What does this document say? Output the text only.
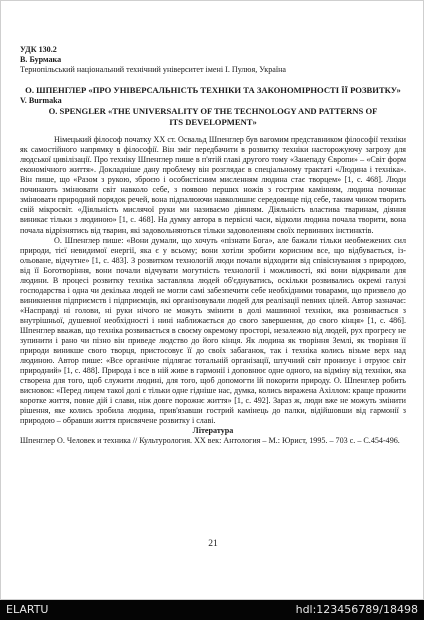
УДК 130.2

В. Бурмака

Тернопільський національний технічний університет імені І. Пулюя, Україна

О. ШПЕНГЛЕР «ПРО УНІВЕРСАЛЬНІСТЬ ТЕХНІКИ ТА ЗАКОНОМІРНОСТІ ЇЇ РОЗВИТКУ»

V. Burmaka

O. SPENGLER «THE UNIVERSALITY OF THE TECHNOLOGY AND PATTERNS OF ITS DEVELOPMENT»

Німецький філософ початку ХХ ст. Освальд Шпенглер був вагомим представником філософії техніки як самостійного напрямку в філософії. Він зміг передбачити в розвитку техніки насторожуючу загрозу для людської цивілізації. Про техніку Шпенглер пише в п'ятій главі другого тому «Занепаду Європи» – «Світ форм економічного життя». Докладніше дану проблему він розглядає в спеціальному трактаті «Людина і техніка». Він пише, що «Разом з рукою, зброєю і особистісним мисленням людина стає творцем» [1, с. 468]. Люди починають змінювати світ навколо себе, з появою перших ножів з гострим камінням, людина починає змінювати природний порядок речей, вона підпалюючи навколишнє середовище під себе, таким чином творить свій мікросвіт. «Діяльність мислячої руки ми називаємо діянням. Діяльність властива тваринам, діяння виникає тільки з людиною» [1, с. 468]. На думку автора в первісні часи, відколи людина почала творити, вона почала відрізнятись від тварин, які задовольняються тільки задоволенням своїх первинних інстинктів.

О. Шпенглер пише: «Вони думали, що хочуть «пізнати Бога», але бажали тільки необмежених сил природи, тієї невидимої енергії, яка є у всьому; вони хотіли зробити корисним все, що відбувається, із-ольоване, відчутне» [1, с. 483]. З розвитком технологій люди почали відходити від співіснування з природою, від її Боготворіння, вони почали відчувати могутність технології і можливості, які вони відкривали для людини. В процесі розвитку техніка заставляла людей об'єднуватись, оскільки розвивались окремі галузі господарства і одна чи декілька людей не могли самі забезпечити себе необхідними товарами, що призвело до виникнення підприємств і підприємців, які організовували людей для реалізації певних цілей. Автор зазначає: «Насправді ні голови, ні руки нічого не можуть змінити в долі машинної техніки, яка розвивається з внутрішньої, душевної необхідності і нині наближається до свого завершення, до свого кінця» [1, с. 486]. Шпенглер вважав, що техніка розвивається в своєму окремому просторі, незалежно від людей, рух прогресу не зупинити і рано чи пізно він приведе людство до його кінця. Як людина як творіння Землі, як творіння її природи виникше свого творця, пристосовує її до своїх забаганок, так і техніка колись візьме верх над людиною. Автор пише: «Все органічне підлягає тотальній організації, штучний світ пронизує і отруює світ природний» [1, с. 488]. Природа і все в ній живе в гармонії і доповнює одне одного, на відміну від техніки, яка створена для того, щоб служити людині, для того, щоб допомогти їй покорити природу. О. Шпенглер робить висновок: «Перед лицем такої долі є тільки одне гідніше нас, думка, колись виражена Ахіллом: краще прожити коротке життя, повне дій і слави, ніж довге порожнє життя» [1, с. 492]. Зараз ж, люди вже не можуть змінити рішення, яке колись зробила людина, прив'язавши гострий камінець до палки, відійшовши від гармонії з природою – обравши життя присвячене розвитку і славі.

Література

Шпенглер О. Человек и техника // Культурология. ХХ век: Антология – М.: Юрист, 1995. – 703 с. – С.454-496.

21
ELARTU	hdl:123456789/18498
